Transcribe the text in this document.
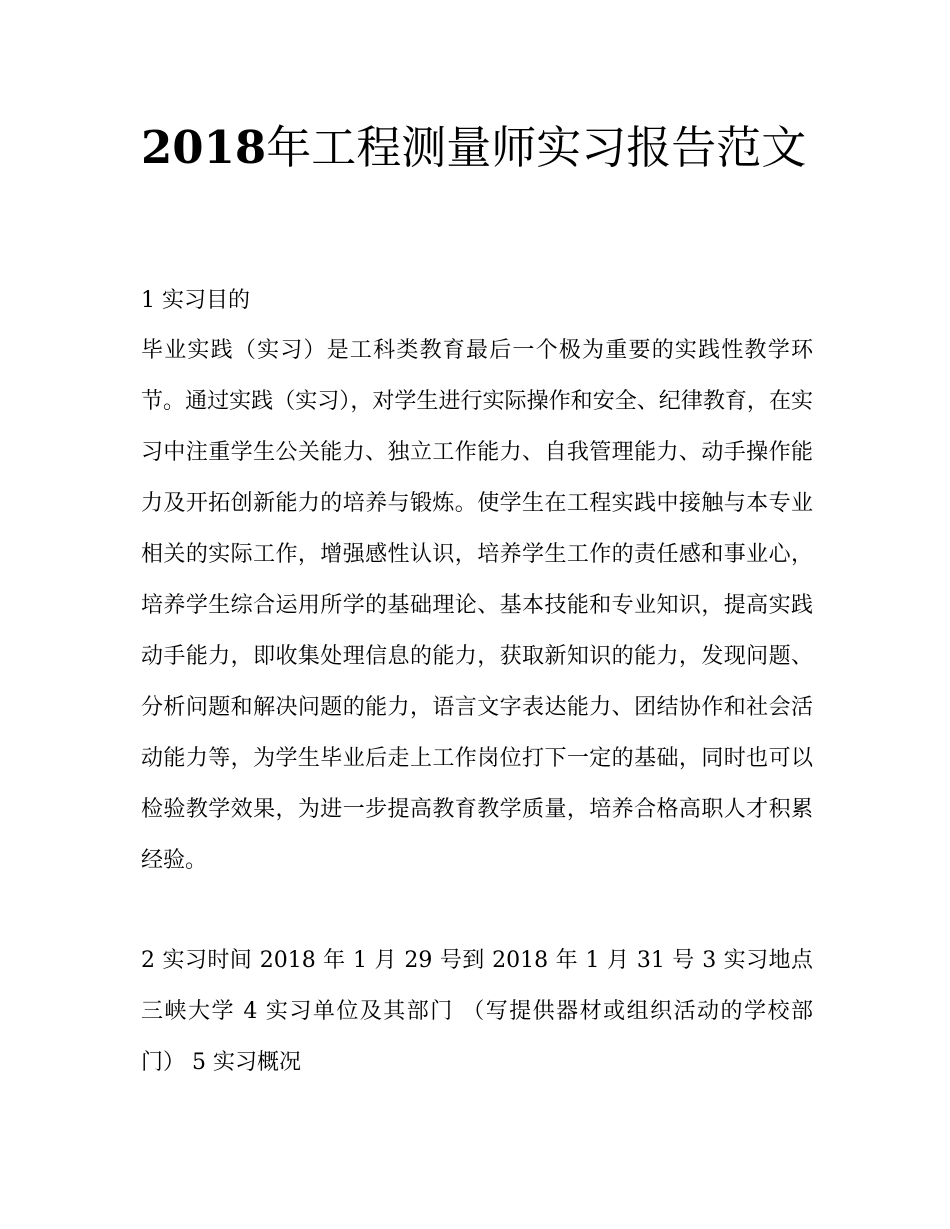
2018年工程测量师实习报告范文
1 实习目的

毕业实践（实习）是工科类教育最后一个极为重要的实践性教学环节。通过实践（实习），对学生进行实际操作和安全、纪律教育，在实习中注重学生公关能力、独立工作能力、自我管理能力、动手操作能力及开拓创新能力的培养与锻炼。使学生在工程实践中接触与本专业相关的实际工作，增强感性认识，培养学生工作的责任感和事业心，培养学生综合运用所学的基础理论、基本技能和专业知识，提高实践动手能力，即收集处理信息的能力，获取新知识的能力，发现问题、分析问题和解决问题的能力，语言文字表达能力、团结协作和社会活动能力等，为学生毕业后走上工作岗位打下一定的基础，同时也可以检验教学效果，为进一步提高教育教学质量，培养合格高职人才积累经验。

2 实习时间 2018 年 1 月 29 号到 2018 年 1 月 31 号 3 实习地点 三峡大学 4 实习单位及其部门 （写提供器材或组织活动的学校部门） 5 实习概况
